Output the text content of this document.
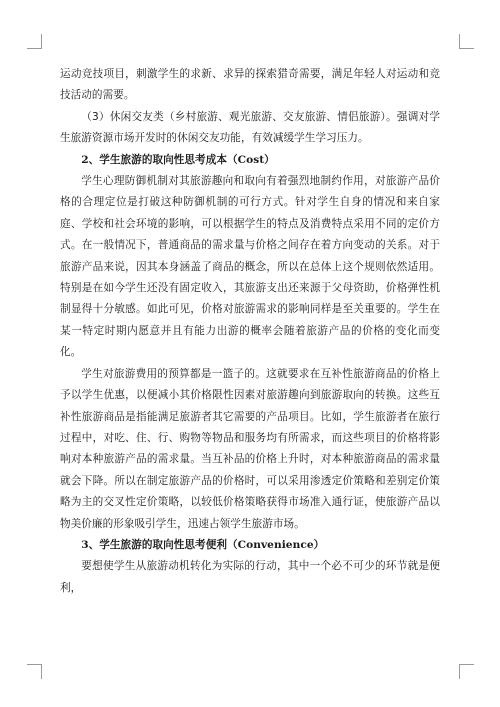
运动竞技项目，刺激学生的求新、求异的探索猎奇需要，满足年轻人对运动和竞技活动的需要。

（3）休闲交友类（乡村旅游、观光旅游、交友旅游、情侣旅游）。强调对学生旅游资源市场开发时的休闲交友功能，有效减缓学生学习压力。

2、学生旅游的取向性思考成本（Cost）

学生心理防御机制对其旅游趣向和取向有着强烈地制约作用，对旅游产品价格的合理定位是打破这种防御机制的可行方式。针对学生自身的情况和来自家庭、学校和社会环境的影响，可以根据学生的特点及消费特点采用不同的定价方式。在一般情况下，普通商品的需求量与价格之间存在着方向变动的关系。对于旅游产品来说，因其本身涵盖了商品的概念，所以在总体上这个规则依然适用。特别是在如今学生还没有固定收入，其旅游支出还来源于父母资助，价格弹性机制显得十分敏感。如此可见，价格对旅游需求的影响同样是至关重要的。学生在某一特定时期内愿意并且有能力出游的概率会随着旅游产品的价格的变化而变化。

学生对旅游费用的预算都是一篮子的。这就要求在互补性旅游商品的价格上予以学生优惠，以便减小其价格限性因素对旅游趣向到旅游取向的转换。这些互补性旅游商品是指能满足旅游者其它需要的产品项目。比如，学生旅游者在旅行过程中，对吃、住、行、购物等物品和服务均有所需求，而这些项目的价格将影响对本种旅游产品的需求量。当互补品的价格上升时，对本种旅游商品的需求量就会下降。所以在制定旅游产品的价格时，可以采用渗透定价策略和差别定价策略为主的交叉性定价策略，以较低价格策略获得市场准入通行证，使旅游产品以物美价廉的形象吸引学生，迅速占领学生旅游市场。

3、学生旅游的取向性思考便利（Convenience）

要想使学生从旅游动机转化为实际的行动，其中一个必不可少的环节就是便利，
